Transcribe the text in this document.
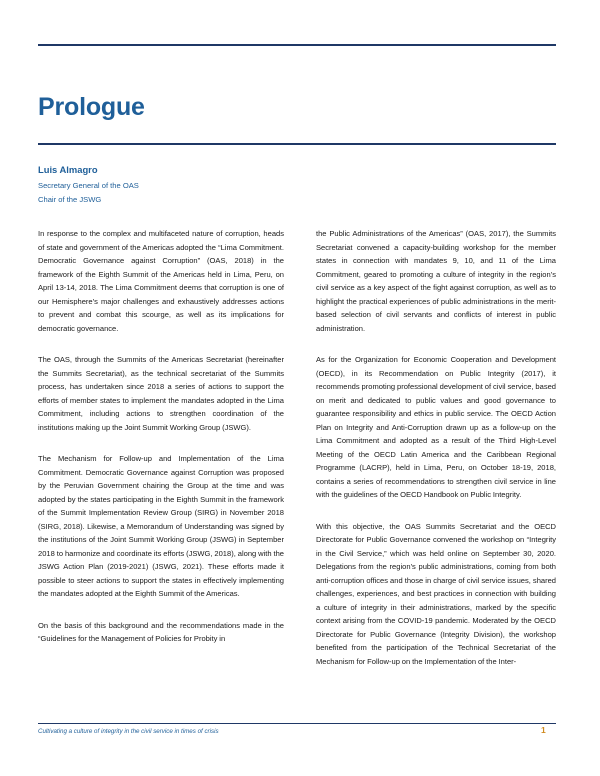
Prologue
Luis Almagro
Secretary General of the OAS
Chair of the JSWG

In response to the complex and multifaceted nature of corruption, heads of state and government of the Americas adopted the “Lima Commitment. Democratic Governance against Corruption” (OAS, 2018) in the framework of the Eighth Summit of the Americas held in Lima, Peru, on April 13-14, 2018. The Lima Commitment deems that corruption is one of our Hemisphere’s major challenges and exhaustively addresses actions to prevent and combat this scourge, as well as its implications for democratic governance.

The OAS, through the Summits of the Americas Secretariat (hereinafter the Summits Secretariat), as the technical secretariat of the Summits process, has undertaken since 2018 a series of actions to support the efforts of member states to implement the mandates adopted in the Lima Commitment, including actions to strengthen coordination of the institutions making up the Joint Summit Working Group (JSWG).

The Mechanism for Follow-up and Implementation of the Lima Commitment. Democratic Governance against Corruption was proposed by the Peruvian Government chairing the Group at the time and was adopted by the states participating in the Eighth Summit in the framework of the Summit Implementation Review Group (SIRG) in November 2018 (SIRG, 2018). Likewise, a Memorandum of Understanding was signed by the institutions of the Joint Summit Working Group (JSWG) in September 2018 to harmonize and coordinate its efforts (JSWG, 2018), along with the JSWG Action Plan (2019-2021) (JSWG, 2021). These efforts made it possible to steer actions to support the states in effectively implementing the mandates adopted at the Eighth Summit of the Americas.

On the basis of this background and the recommendations made in the “Guidelines for the Management of Policies for Probity in

the Public Administrations of the Americas” (OAS, 2017), the Summits Secretariat convened a capacity-building workshop for the member states in connection with mandates 9, 10, and 11 of the Lima Commitment, geared to promoting a culture of integrity in the region’s civil service as a key aspect of the fight against corruption, as well as to highlight the practical experiences of public administrations in the merit-based selection of civil servants and conflicts of interest in public administration.

As for the Organization for Economic Cooperation and Development (OECD), in its Recommendation on Public Integrity (2017), it recommends promoting professional development of civil service, based on merit and dedicated to public values and good governance to guarantee responsibility and ethics in public service. The OECD Action Plan on Integrity and Anti-Corruption drawn up as a follow-up on the Lima Commitment and adopted as a result of the Third High-Level Meeting of the OECD Latin America and the Caribbean Regional Programme (LACRP), held in Lima, Peru, on October 18-19, 2018, contains a series of recommendations to strengthen civil service in line with the guidelines of the OECD Handbook on Public Integrity.

With this objective, the OAS Summits Secretariat and the OECD Directorate for Public Governance convened the workshop on “Integrity in the Civil Service,” which was held online on September 30, 2020. Delegations from the region’s public administrations, coming from both anti-corruption offices and those in charge of civil service issues, shared challenges, experiences, and best practices in connection with building a culture of integrity in their administrations, marked by the specific context arising from the COVID-19 pandemic. Moderated by the OECD Directorate for Public Governance (Integrity Division), the workshop benefited from the participation of the Technical Secretariat of the Mechanism for Follow-up on the Implementation of the Inter-

Cultivating a culture of integrity in the civil service in times of crisis	1
